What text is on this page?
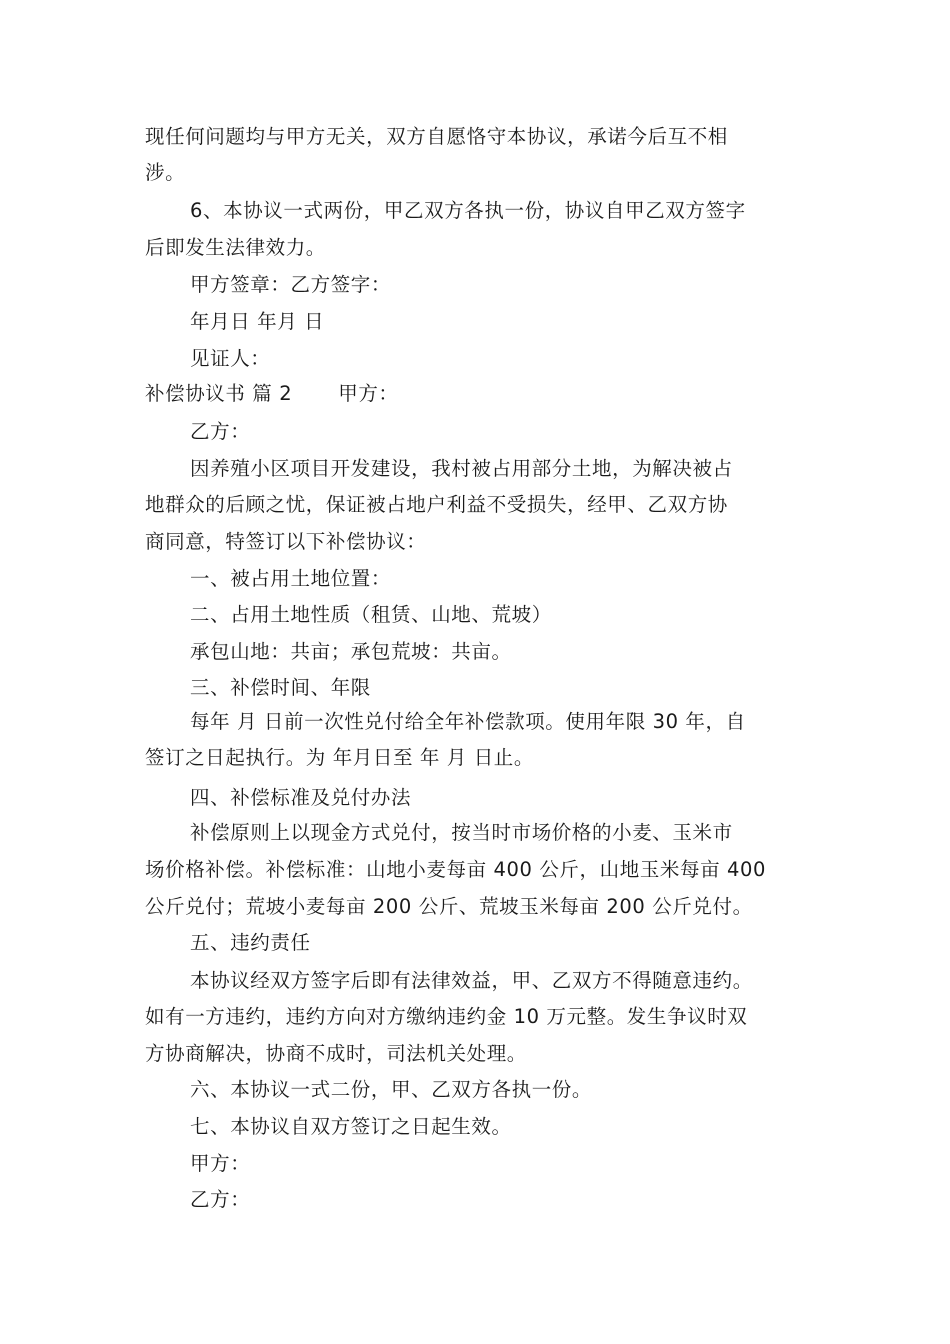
现任何问题均与甲方无关，双方自愿恪守本协议，承诺今后互不相
涉。
6、本协议一式两份，甲乙双方各执一份，协议自甲乙双方签字
后即发生法律效力。
甲方签章：乙方签字：
年月日 年月 日
见证人：
补偿协议书 篇 2 甲方：
乙方：
因养殖小区项目开发建设，我村被占用部分土地，为解决被占
地群众的后顾之忧，保证被占地户利益不受损失，经甲、乙双方协
商同意，特签订以下补偿协议：
一、被占用土地位置：
二、占用土地性质（租赁、山地、荒坡）
承包山地：共亩；承包荒坡：共亩。
三、补偿时间、年限
每年 月 日前一次性兑付给全年补偿款项。使用年限 30 年，自
签订之日起执行。为 年月日至 年 月 日止。
四、补偿标准及兑付办法
补偿原则上以现金方式兑付，按当时市场价格的小麦、玉米市
场价格补偿。补偿标准：山地小麦每亩 400 公斤，山地玉米每亩 400
公斤兑付；荒坡小麦每亩 200 公斤、荒坡玉米每亩 200 公斤兑付。
五、违约责任
本协议经双方签字后即有法律效益，甲、乙双方不得随意违约。
如有一方违约，违约方向对方缴纳违约金 10 万元整。发生争议时双
方协商解决，协商不成时，司法机关处理。
六、本协议一式二份，甲、乙双方各执一份。
七、本协议自双方签订之日起生效。
甲方：
乙方：
